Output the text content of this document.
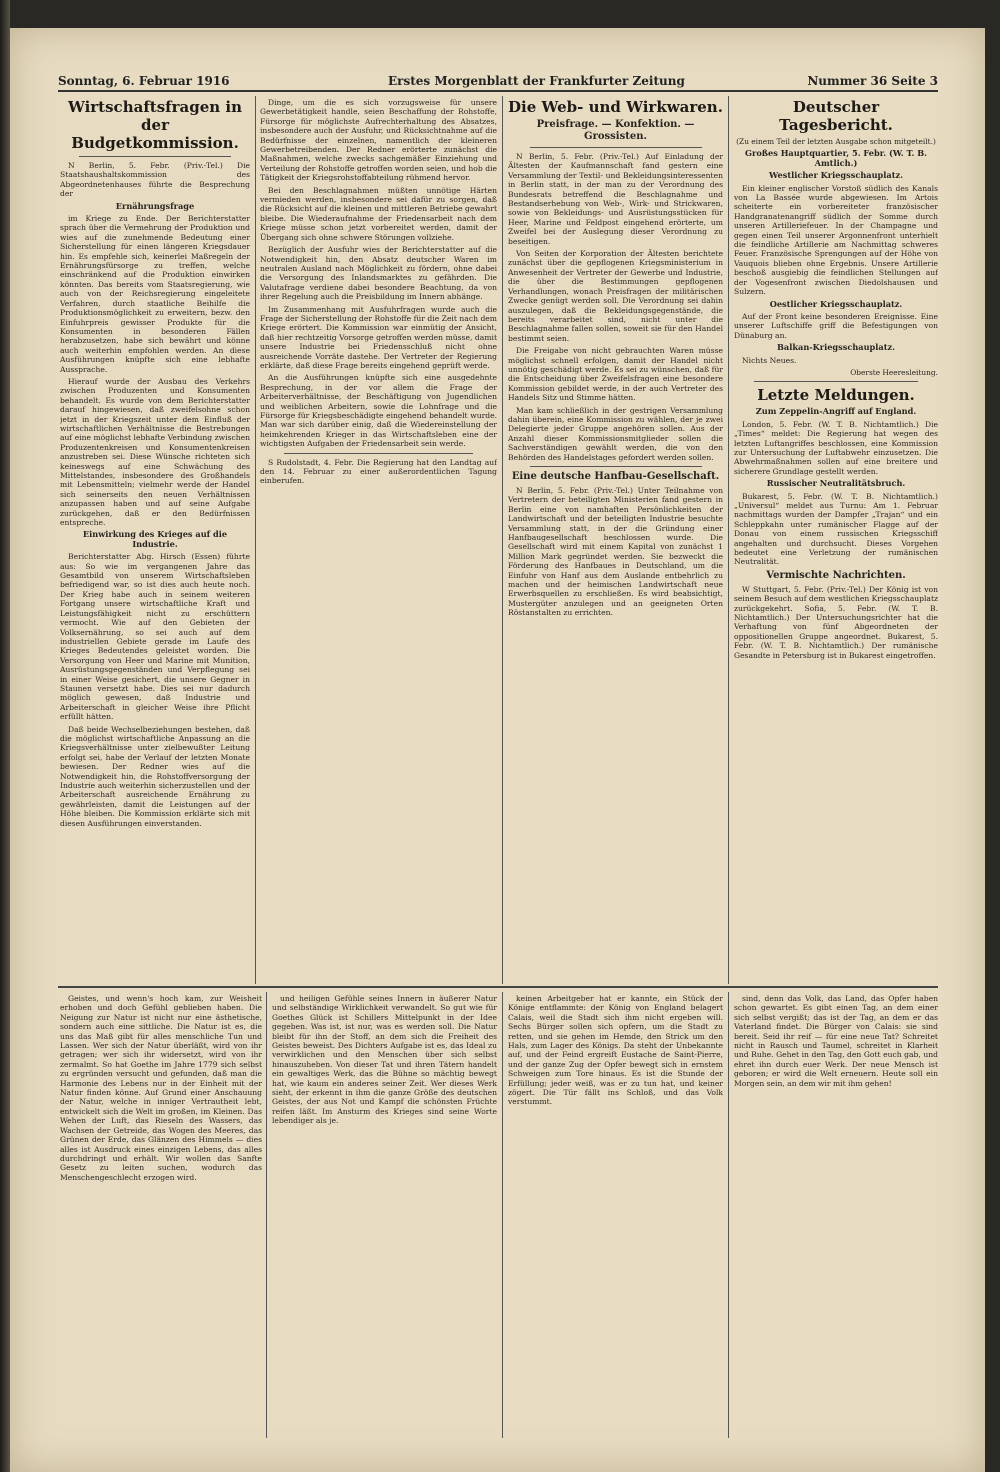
Sonntag, 6. Februar 1916	Erstes Morgenblatt der Frankfurter Zeitung	Nummer 36 Seite 3

Wirtschaftsfragen in der Budgetkommission.

N Berlin, 5. Febr. (Priv.-Tel.) Die Staatshaushaltskommission des Abgeordnetenhauses führte die Besprechung der

Ernährungsfrage

im Kriege zu Ende. Der Berichterstatter sprach über die Vermehrung der Produktion und wies auf die zunehmende Bedeutung einer Sicherstellung für einen längeren Kriegsdauer hin. Es empfehle sich, keinerlei Maßregeln der Ernährungsfürsorge zu treffen, welche einschränkend auf die Produktion einwirken könnten. Das bereits vom Staatsregierung, wie auch von der Reichsregierung eingeleitete Verfahren, durch staatliche Beihilfe die Produktionsmöglichkeit zu erweitern, bezw. den Einfuhrpreis gewisser Produkte für die Konsumenten in besonderen Fällen herabzusetzen, habe sich bewährt und könne auch weiterhin empfohlen werden. An diese Ausführungen knüpfte sich eine lebhafte Aussprache.

Hierauf wurde der Ausbau des Verkehrs zwischen Produzenten und Konsumenten behandelt. Es wurde von dem Berichterstatter darauf hingewiesen, daß zweifelsohne schon jetzt in der Kriegszeit unter dem Einfluß der wirtschaftlichen Verhältnisse die Bestrebungen auf eine möglichst lebhafte Verbindung zwischen Produzentenkreisen und Konsumentenkreisen anzustreben sei. Diese Wünsche richteten sich keineswegs auf eine Schwächung des Mittelstandes, insbesondere des Großhandels mit Lebensmitteln; vielmehr werde der Handel sich seinerseits den neuen Verhältnissen anzupassen haben und auf seine Aufgabe zurückgehen, daß er den Bedürfnissen entspreche.

Einwirkung des Krieges auf die Industrie.

Berichterstatter Abg. Hirsch (Essen) führte aus: So wie im vergangenen Jahre das Gesamtbild von unserem Wirtschaftsleben befriedigend war, so ist dies auch heute noch. Der Krieg habe auch in seinem weiteren Fortgang unsere wirtschaftliche Kraft und Leistungsfähigkeit nicht zu erschüttern vermocht. Wie auf den Gebieten der Volksernährung, so sei auch auf dem industriellen Gebiete gerade im Laufe des Krieges Bedeutendes geleistet worden. Die Versorgung von Heer und Marine mit Munition, Ausrüstungsgegenständen und Verpflegung sei in einer Weise gesichert, die unsere Gegner in Staunen versetzt habe. Dies sei nur dadurch möglich gewesen, daß Industrie und Arbeiterschaft in gleicher Weise ihre Pflicht erfüllt hätten.

Daß beide Wechselbeziehungen bestehen, daß die möglichst wirtschaftliche Anpassung an die Kriegsverhältnisse unter zielbewußter Leitung erfolgt sei, habe der Verlauf der letzten Monate bewiesen. Der Redner wies auf die Notwendigkeit hin, die Rohstoffversorgung der Industrie auch weiterhin sicherzustellen und der Arbeiterschaft ausreichende Ernährung zu gewährleisten, damit die Leistungen auf der Höhe bleiben. Die Kommission erklärte sich mit diesen Ausführungen einverstanden.

Dinge, um die es sich vorzugsweise für unsere Gewerbetätigkeit handle, seien Beschaffung der Rohstoffe, Fürsorge für möglichste Aufrechterhaltung des Absatzes, insbesondere auch der Ausfuhr, und Rücksichtnahme auf die Bedürfnisse der einzelnen, namentlich der kleineren Gewerbetreibenden. Der Redner erörterte zunächst die Maßnahmen, welche zwecks sachgemäßer Einziehung und Verteilung der Rohstoffe getroffen worden seien, und hob die Tätigkeit der Kriegsrohstoffabteilung rühmend hervor.

Bei den Beschlagnahmen müßten unnötige Härten vermieden werden, insbesondere sei dafür zu sorgen, daß die Rücksicht auf die kleinen und mittleren Betriebe gewahrt bleibe. Die Wiederaufnahme der Friedensarbeit nach dem Kriege müsse schon jetzt vorbereitet werden, damit der Übergang sich ohne schwere Störungen vollziehe.

Bezüglich der Ausfuhr wies der Berichterstatter auf die Notwendigkeit hin, den Absatz deutscher Waren im neutralen Ausland nach Möglichkeit zu fördern, ohne dabei die Versorgung des Inlandsmarktes zu gefährden. Die Valutafrage verdiene dabei besondere Beachtung, da von ihrer Regelung auch die Preisbildung im Innern abhänge.

Im Zusammenhang mit Ausfuhrfragen wurde auch die Frage der Sicherstellung der Rohstoffe für die Zeit nach dem Kriege erörtert. Die Kommission war einmütig der Ansicht, daß hier rechtzeitig Vorsorge getroffen werden müsse, damit unsere Industrie bei Friedensschluß nicht ohne ausreichende Vorräte dastehe. Der Vertreter der Regierung erklärte, daß diese Frage bereits eingehend geprüft werde.

An die Ausführungen knüpfte sich eine ausgedehnte Besprechung, in der vor allem die Frage der Arbeiterverhältnisse, der Beschäftigung von Jugendlichen und weiblichen Arbeitern, sowie die Lohnfrage und die Fürsorge für Kriegsbeschädigte eingehend behandelt wurde. Man war sich darüber einig, daß die Wiedereinstellung der heimkehrenden Krieger in das Wirtschaftsleben eine der wichtigsten Aufgaben der Friedensarbeit sein werde.

S Rudolstadt, 4. Febr. Die Regierung hat den Landtag auf den 14. Februar zu einer außerordentlichen Tagung einberufen.

Die Web- und Wirkwaren.

Preisfrage. — Konfektion. — Grossisten.

N Berlin, 5. Febr. (Priv.-Tel.) Auf Einladung der Ältesten der Kaufmannschaft fand gestern eine Versammlung der Textil- und Bekleidungsinteressenten in Berlin statt, in der man zu der Verordnung des Bundesrats betreffend die Beschlagnahme und Bestandserhebung von Web-, Wirk- und Strickwaren, sowie von Bekleidungs- und Ausrüstungsstücken für Heer, Marine und Feldpost eingehend erörterte, um Zweifel bei der Auslegung dieser Verordnung zu beseitigen.

Von Seiten der Korporation der Ältesten berichtete zunächst über die gepflogenen Kriegsministerium in Anwesenheit der Vertreter der Gewerbe und Industrie, die über die Bestimmungen gepflogenen Verhandlungen, wonach Preisfragen der militärischen Zwecke genügt werden soll. Die Verordnung sei dahin auszulegen, daß die Bekleidungsgegenstände, die bereits verarbeitet sind, nicht unter die Beschlagnahme fallen sollen, soweit sie für den Handel bestimmt seien.

Die Freigabe von nicht gebrauchten Waren müsse möglichst schnell erfolgen, damit der Handel nicht unnötig geschädigt werde. Es sei zu wünschen, daß für die Entscheidung über Zweifelsfragen eine besondere Kommission gebildet werde, in der auch Vertreter des Handels Sitz und Stimme hätten.

Man kam schließlich in der gestrigen Versammlung dahin überein, eine Kommission zu wählen, der je zwei Delegierte jeder Gruppe angehören sollen. Aus der Anzahl dieser Kommissionsmitglieder sollen die Sachverständigen gewählt werden, die von den Behörden des Handelstages gefordert werden sollen.

Eine deutsche Hanfbau-Gesellschaft.

N Berlin, 5. Febr. (Priv.-Tel.) Unter Teilnahme von Vertretern der beteiligten Ministerien fand gestern in Berlin eine von namhaften Persönlichkeiten der Landwirtschaft und der beteiligten Industrie besuchte Versammlung statt, in der die Gründung einer Hanfbaugesellschaft beschlossen wurde. Die Gesellschaft wird mit einem Kapital von zunächst 1 Million Mark gegründet werden. Sie bezweckt die Förderung des Hanfbaues in Deutschland, um die Einfuhr von Hanf aus dem Auslande entbehrlich zu machen und der heimischen Landwirtschaft neue Erwerbsquellen zu erschließen. Es wird beabsichtigt, Mustergüter anzulegen und an geeigneten Orten Röstanstalten zu errichten.

Deutscher Tagesbericht.

(Zu einem Teil der letzten Ausgabe schon mitgeteilt.)

Großes Hauptquartier, 5. Febr. (W. T. B. Amtlich.)

Westlicher Kriegsschauplatz.

Ein kleiner englischer Vorstoß südlich des Kanals von La Bassée wurde abgewiesen. Im Artois scheiterte ein vorbereiteter französischer Handgranatenangriff südlich der Somme durch unseren Artilleriefeuer. In der Champagne und gegen einen Teil unserer Argonnenfront unterhielt die feindliche Artillerie am Nachmittag schweres Feuer. Französische Sprengungen auf der Höhe von Vauquois blieben ohne Ergebnis. Unsere Artillerie beschoß ausgiebig die feindlichen Stellungen auf der Vogesenfront zwischen Diedolshausen und Sulzern.

Oestlicher Kriegsschauplatz.

Auf der Front keine besonderen Ereignisse. Eine unserer Luftschiffe griff die Befestigungen von Dünaburg an.

Balkan-Kriegsschauplatz.

Nichts Neues.

Oberste Heeresleitung.

Letzte Meldungen.

Zum Zeppelin-Angriff auf England.

London, 5. Febr. (W. T. B. Nichtamtlich.) Die „Times“ meldet: Die Regierung hat wegen des letzten Luftangriffes beschlossen, eine Kommission zur Untersuchung der Luftabwehr einzusetzen. Die Abwehrmaßnahmen sollen auf eine breitere und sicherere Grundlage gestellt werden.

Russischer Neutralitätsbruch.

Bukarest, 5. Febr. (W. T. B. Nichtamtlich.) „Universul“ meldet aus Turnu: Am 1. Februar nachmittags wurden der Dampfer „Trajan“ und ein Schleppkahn unter rumänischer Flagge auf der Donau von einem russischen Kriegsschiff angehalten und durchsucht. Dieses Vorgehen bedeutet eine Verletzung der rumänischen Neutralität.

Vermischte Nachrichten.

W Stuttgart, 5. Febr. (Priv.-Tel.) Der König ist von seinem Besuch auf dem westlichen Kriegsschauplatz zurückgekehrt. Sofia, 5. Febr. (W. T. B. Nichtamtlich.) Der Untersuchungsrichter hat die Verhaftung von fünf Abgeordneten der oppositionellen Gruppe angeordnet. Bukarest, 5. Febr. (W. T. B. Nichtamtlich.) Der rumänische Gesandte in Petersburg ist in Bukarest eingetroffen.

Geistes, und wenn's hoch kam, zur Weisheit erhoben und doch Gefühl geblieben haben. Die Neigung zur Natur ist nicht nur eine ästhetische, sondern auch eine sittliche. Die Natur ist es, die uns das Maß gibt für alles menschliche Tun und Lassen. Wer sich der Natur überläßt, wird von ihr getragen; wer sich ihr widersetzt, wird von ihr zermalmt. So hat Goethe im Jahre 1779 sich selbst zu ergründen versucht und gefunden, daß man die Harmonie des Lebens nur in der Einheit mit der Natur finden könne. Auf Grund einer Anschauung der Natur, welche in inniger Vertrautheit lebt, entwickelt sich die Welt im großen, im Kleinen. Das Wehen der Luft, das Rieseln des Wassers, das Wachsen der Getreide, das Wogen des Meeres, das Grünen der Erde, das Glänzen des Himmels — dies alles ist Ausdruck eines einzigen Lebens, das alles durchdringt und erhält. Wir wollen das Sanfte Gesetz zu leiten suchen, wodurch das Menschengeschlecht erzogen wird.

und heiligen Gefühle seines Innern in äußerer Natur und selbständige Wirklichkeit verwandelt. So gut wie für Goethes Glück ist Schillers Mittelpunkt in der Idee gegeben. Was ist, ist nur, was es werden soll. Die Natur bleibt für ihn der Stoff, an dem sich die Freiheit des Geistes beweist. Des Dichters Aufgabe ist es, das Ideal zu verwirklichen und den Menschen über sich selbst hinauszuheben. Von dieser Tat und ihren Tätern handelt ein gewaltiges Werk, das die Bühne so mächtig bewegt hat, wie kaum ein anderes seiner Zeit. Wer dieses Werk sieht, der erkennt in ihm die ganze Größe des deutschen Geistes, der aus Not und Kampf die schönsten Früchte reifen läßt. Im Ansturm des Krieges sind seine Worte lebendiger als je.

keinen Arbeitgeber hat er kannte, ein Stück der Könige entflammte: der König von England belagert Calais, weil die Stadt sich ihm nicht ergeben will. Sechs Bürger sollen sich opfern, um die Stadt zu retten, und sie gehen im Hemde, den Strick um den Hals, zum Lager des Königs. Da steht der Unbekannte auf, und der Feind ergreift Eustache de Saint-Pierre, und der ganze Zug der Opfer bewegt sich in ernstem Schweigen zum Tore hinaus. Es ist die Stunde der Erfüllung; jeder weiß, was er zu tun hat, und keiner zögert. Die Tür fällt ins Schloß, und das Volk verstummt.

sind, denn das Volk, das Land, das Opfer haben schon gewartet. Es gibt einen Tag, an dem einer sich selbst vergißt; das ist der Tag, an dem er das Vaterland findet. Die Bürger von Calais: sie sind bereit. Seid ihr reif — für eine neue Tat? Schreitet nicht in Rausch und Taumel, schreitet in Klarheit und Ruhe. Gehet in den Tag, den Gott euch gab, und ehret ihn durch euer Werk. Der neue Mensch ist geboren; er wird die Welt erneuern. Heute soll ein Morgen sein, an dem wir mit ihm gehen!
